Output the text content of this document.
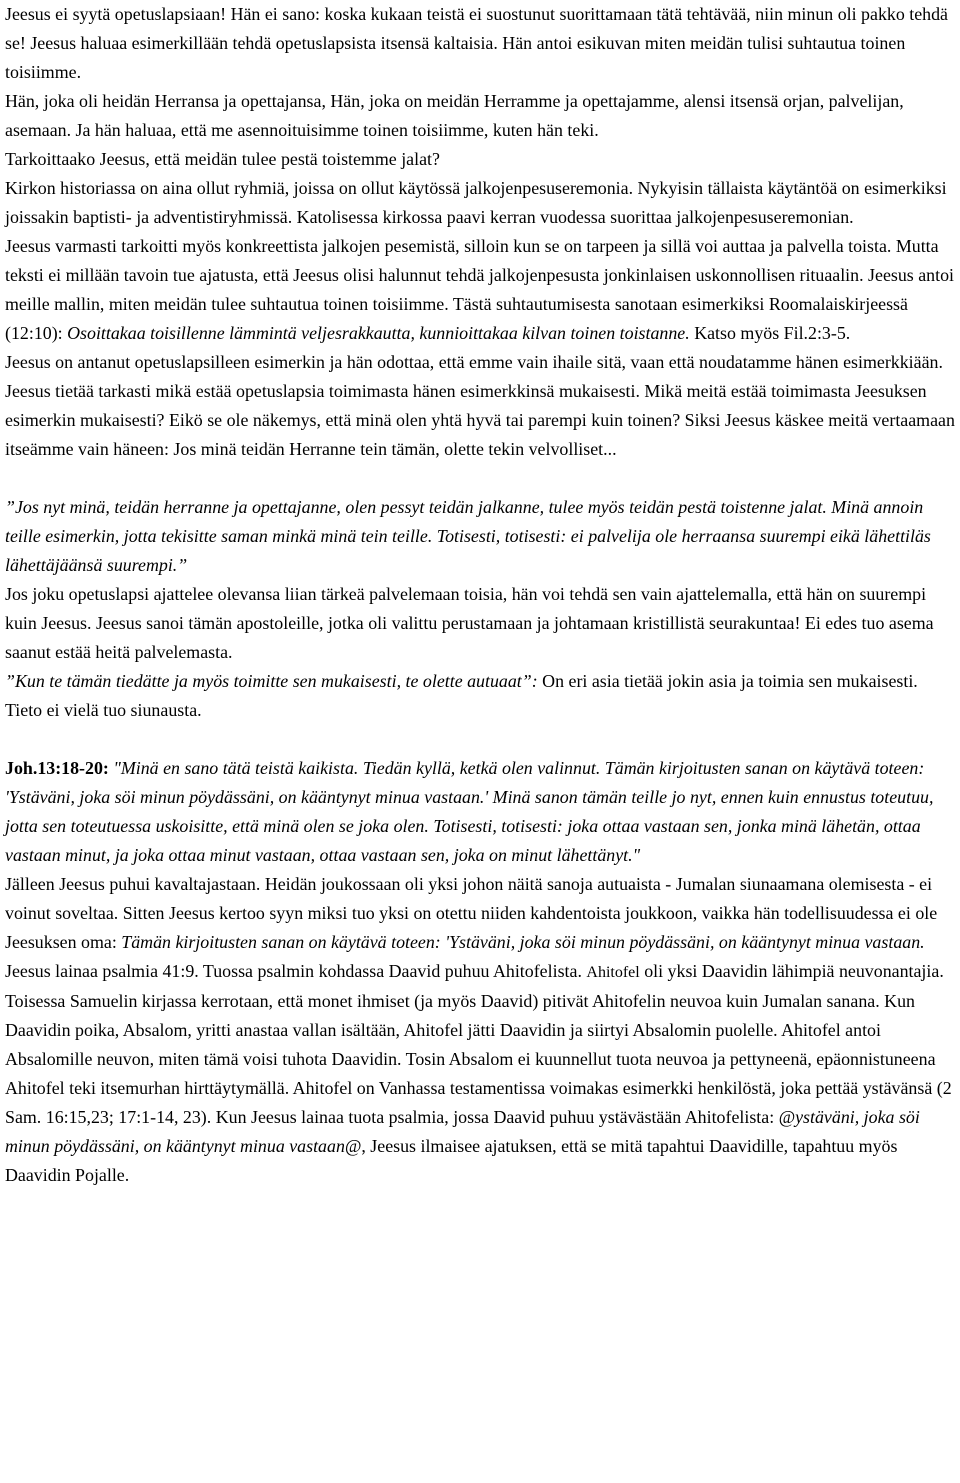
Jeesus ei syytä opetuslapsiaan! Hän ei sano: koska kukaan teistä ei suostunut suorittamaan tätä tehtävää, niin minun oli pakko tehdä se! Jeesus haluaa esimerkillään tehdä opetuslapsista itsensä kaltaisia. Hän antoi esikuvan miten meidän tulisi suhtautua toinen toisiimme.

Hän, joka oli heidän Herransa ja opettajansa, Hän, joka on meidän Herramme ja opettajamme, alensi itsensä orjan, palvelijan, asemaan. Ja hän haluaa, että me asennoituisimme toinen toisiimme, kuten hän teki.

Tarkoittaako Jeesus, että meidän tulee pestä toistemme jalat?

Kirkon historiassa on aina ollut ryhmiä, joissa on ollut käytössä jalkojenpesuseremonia. Nykyisin tällaista käytäntöä on esimerkiksi joissakin baptisti- ja adventistiryhmissä. Katolisessa kirkossa paavi kerran vuodessa suorittaa jalkojenpesuseremonian.

Jeesus varmasti tarkoitti myös konkreettista jalkojen pesemistä, silloin kun se on tarpeen ja sillä voi auttaa ja palvella toista. Mutta teksti ei millään tavoin tue ajatusta, että Jeesus olisi halunnut tehdä jalkojenpesusta jonkinlaisen uskonnollisen rituaalin. Jeesus antoi meille mallin, miten meidän tulee suhtautua toinen toisiimme. Tästä suhtautumisesta sanotaan esimerkiksi Roomalaiskirjeessä (12:10): Osoittakaa toisillenne lämmintä veljesrakkautta, kunnioittakaa kilvan toinen toistanne. Katso myös Fil.2:3-5.

Jeesus on antanut opetuslapsilleen esimerkin ja hän odottaa, että emme vain ihaile sitä, vaan että noudatamme hänen esimerkkiään. Jeesus tietää tarkasti mikä estää opetuslapsia toimimasta hänen esimerkkinsä mukaisesti. Mikä meitä estää toimimasta Jeesuksen esimerkin mukaisesti? Eikö se ole näkemys, että minä olen yhtä hyvä tai parempi kuin toinen? Siksi Jeesus käskee meitä vertaamaan itseämme vain häneen: Jos minä teidän Herranne tein tämän, olette tekin velvolliset...

”Jos nyt minä, teidän herranne ja opettajanne, olen pessyt teidän jalkanne, tulee myös teidän pestä toistenne jalat. Minä annoin teille esimerkin, jotta tekisitte saman minkä minä tein teille. Totisesti, totisesti: ei palvelija ole herraansa suurempi eikä lähettiläs lähettäjäänsä suurempi.”

Jos joku opetuslapsi ajattelee olevansa liian tärkeä palvelemaan toisia, hän voi tehdä sen vain ajattelemalla, että hän on suurempi kuin Jeesus. Jeesus sanoi tämän apostoleille, jotka oli valittu perustamaan ja johtamaan kristillistä seurakuntaa! Ei edes tuo asema saanut estää heitä palvelemasta.

”Kun te tämän tiedätte ja myös toimitte sen mukaisesti, te olette autuaat”: On eri asia tietää jokin asia ja toimia sen mukaisesti. Tieto ei vielä tuo siunausta.

Joh.13:18-20: "Minä en sano tätä teistä kaikista. Tiedän kyllä, ketkä olen valinnut. Tämän kirjoitusten sanan on käytävä toteen: 'Ystäväni, joka söi minun pöydässäni, on kääntynyt minua vastaan.' Minä sanon tämän teille jo nyt, ennen kuin ennustus toteutuu, jotta sen toteutuessa uskoisitte, että minä olen se joka olen. Totisesti, totisesti: joka ottaa vastaan sen, jonka minä lähetän, ottaa vastaan minut, ja joka ottaa minut vastaan, ottaa vastaan sen, joka on minut lähettänyt."

Jälleen Jeesus puhui kavaltajastaan. Heidän joukossaan oli yksi johon näitä sanoja autuaista - Jumalan siunaamana olemisesta - ei voinut soveltaa. Sitten Jeesus kertoo syyn miksi tuo yksi on otettu niiden kahdentoista joukkoon, vaikka hän todellisuudessa ei ole Jeesuksen oma: Tämän kirjoitusten sanan on käytävä toteen: 'Ystäväni, joka söi minun pöydässäni, on kääntynyt minua vastaan. Jeesus lainaa psalmia 41:9. Tuossa psalmin kohdassa Daavid puhuu Ahitofelista. Ahitofel oli yksi Daavidin lähimpiä neuvonantajia. Toisessa Samuelin kirjassa kerrotaan, että monet ihmiset (ja myös Daavid) pitivät Ahitofelin neuvoa kuin Jumalan sanana. Kun Daavidin poika, Absalom, yritti anastaa vallan isältään, Ahitofel jätti Daavidin ja siirtyi Absalomin puolelle. Ahitofel antoi Absalomille neuvon, miten tämä voisi tuhota Daavidin. Tosin Absalom ei kuunnellut tuota neuvoa ja pettyneenä, epäonnistuneena Ahitofel teki itsemurhan hirttäytymällä. Ahitofel on Vanhassa testamentissa voimakas esimerkki henkilöstä, joka pettää ystävänsä (2 Sam. 16:15,23; 17:1-14, 23). Kun Jeesus lainaa tuota psalmia, jossa Daavid puhuu ystävästään Ahitofelista: @ystäväni, joka söi minun pöydässäni, on kääntynyt minua vastaan@, Jeesus ilmaisee ajatuksen, että se mitä tapahtui Daavidille, tapahtuu myös Daavidin Pojalle.
